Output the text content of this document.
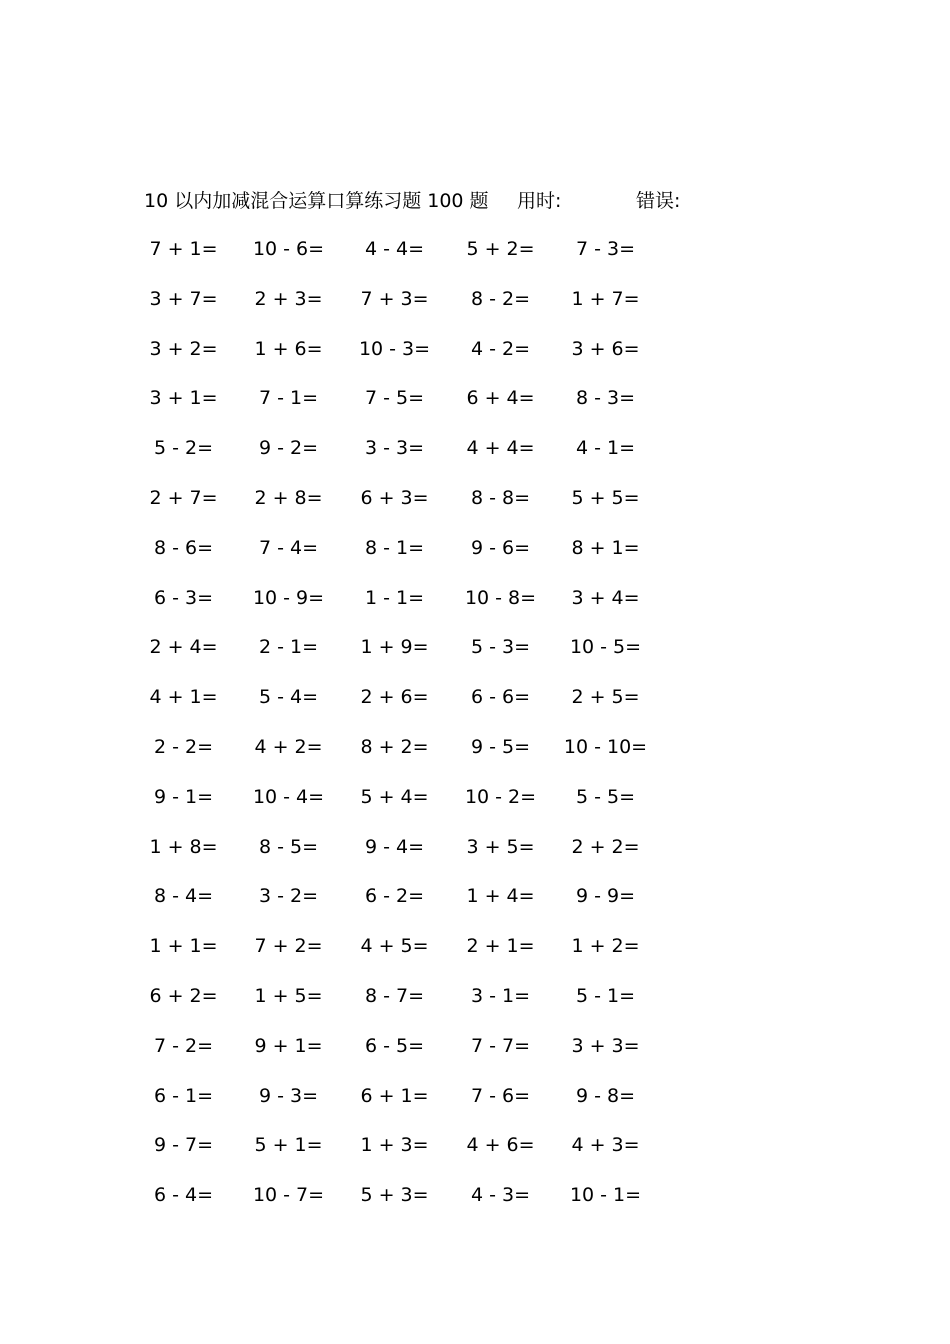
10 以内加减混合运算口算练习题 100 题 用时:	错误:
7 + 1=	10 - 6=	4 - 4=	5 + 2=	7 - 3=
3 + 7=	2 + 3=	7 + 3=	8 - 2=	1 + 7=
3 + 2=	1 + 6=	10 - 3=	4 - 2=	3 + 6=
3 + 1=	7 - 1=	7 - 5=	6 + 4=	8 - 3=
5 - 2=	9 - 2=	3 - 3=	4 + 4=	4 - 1=
2 + 7=	2 + 8=	6 + 3=	8 - 8=	5 + 5=
8 - 6=	7 - 4=	8 - 1=	9 - 6=	8 + 1=
6 - 3=	10 - 9=	1 - 1=	10 - 8=	3 + 4=
2 + 4=	2 - 1=	1 + 9=	5 - 3=	10 - 5=
4 + 1=	5 - 4=	2 + 6=	6 - 6=	2 + 5=
2 - 2=	4 + 2=	8 + 2=	9 - 5=	10 - 10=
9 - 1=	10 - 4=	5 + 4=	10 - 2=	5 - 5=
1 + 8=	8 - 5=	9 - 4=	3 + 5=	2 + 2=
8 - 4=	3 - 2=	6 - 2=	1 + 4=	9 - 9=
1 + 1=	7 + 2=	4 + 5=	2 + 1=	1 + 2=
6 + 2=	1 + 5=	8 - 7=	3 - 1=	5 - 1=
7 - 2=	9 + 1=	6 - 5=	7 - 7=	3 + 3=
6 - 1=	9 - 3=	6 + 1=	7 - 6=	9 - 8=
9 - 7=	5 + 1=	1 + 3=	4 + 6=	4 + 3=
6 - 4=	10 - 7=	5 + 3=	4 - 3=	10 - 1=
